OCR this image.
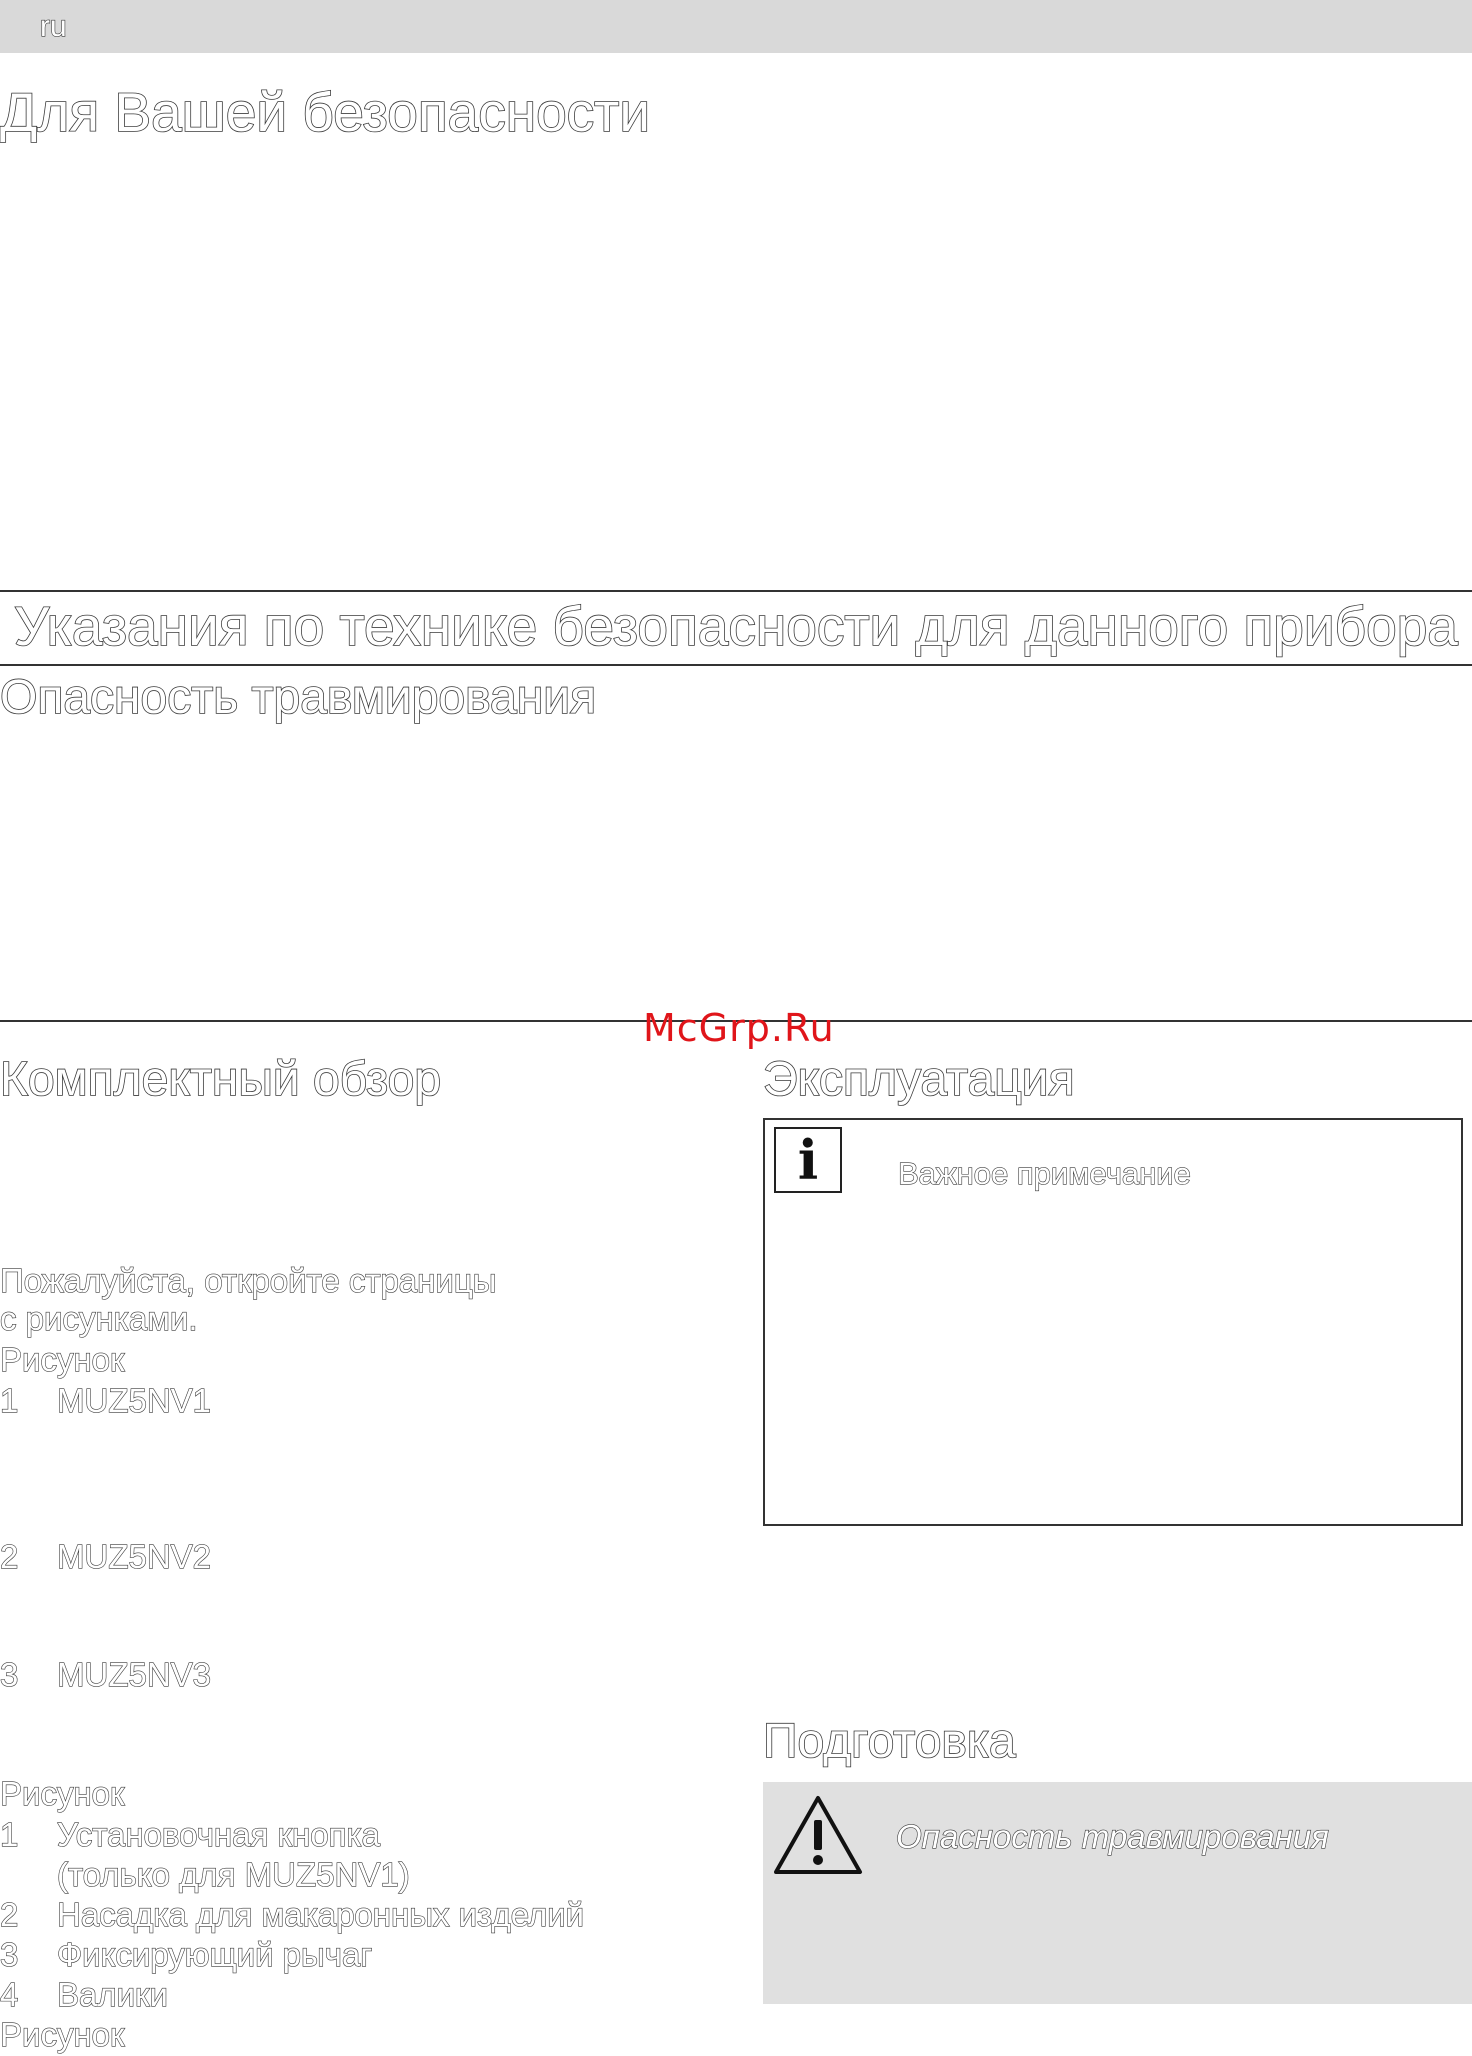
ru
Для Вашей безопасности
Указания по технике безопасности для данного прибора
Опасность травмирования
McGrp.Ru
Комплектный обзор
Пожалуйста, откройте страницы
с рисунками.
Рисунок
1	MUZ5NV1
2	MUZ5NV2
3	MUZ5NV3
Рисунок
1	Установочная кнопка
(только для MUZ5NV1)
2	Насадка для макаронных изделий
3	Фиксирующий рычаг
4	Валики
Рисунок
Эксплуатация
i	Важное примечание
Подготовка
Опасность травмирования
